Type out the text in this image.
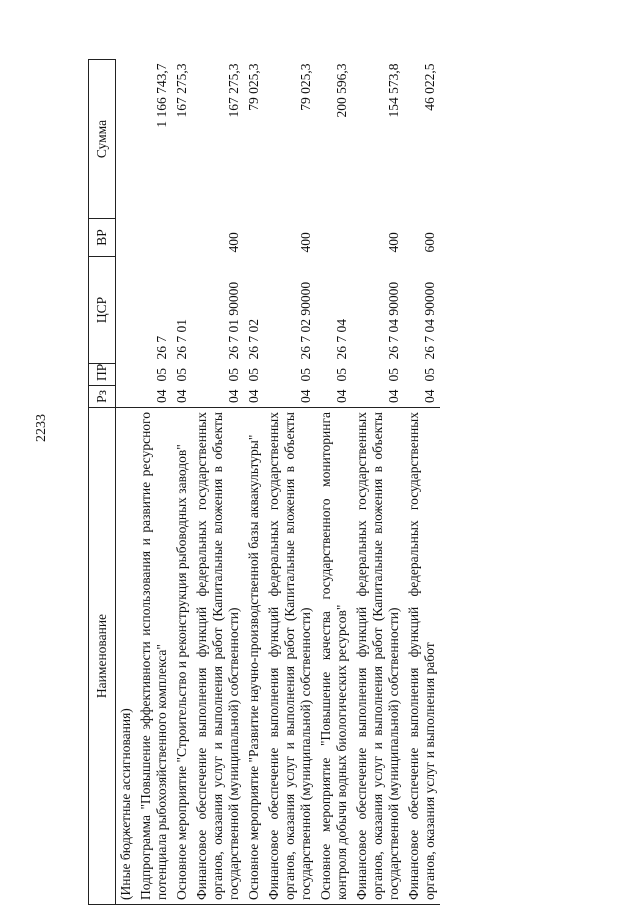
2233
Наименование	Рз	ПР	ЦСР	ВР	Сумма
(Иные бюджетные ассигнования)					
Подпрограмма "Повышение эффективности использования и развитие ресурсного потенциала рыбохозяйственного комплекса"	04	05	26 7		1 166 743,7
Основное мероприятие "Строительство и реконструкция рыбоводных заводов"	04	05	26 7 01		167 275,3
Финансовое обеспечение выполнения функций федеральных государственных органов, оказания услуг и выполнения работ (Капитальные вложения в объекты государственной (муниципальной) собственности)	04	05	26 7 01 90000	400	167 275,3
Основное мероприятие "Развитие научно-производственной базы аквакультуры"	04	05	26 7 02		79 025,3
Финансовое обеспечение выполнения функций федеральных государственных органов, оказания услуг и выполнения работ (Капитальные вложения в объекты государственной (муниципальной) собственности)	04	05	26 7 02 90000	400	79 025,3
Основное мероприятие "Повышение качества государственного мониторинга контроля добычи водных биологических ресурсов"	04	05	26 7 04		200 596,3
Финансовое обеспечение выполнения функций федеральных государственных органов, оказания услуг и выполнения работ (Капитальные вложения в объекты государственной (муниципальной) собственности)	04	05	26 7 04 90000	400	154 573,8
Финансовое обеспечение выполнения функций федеральных государственных органов, оказания услуг и выполнения работ	04	05	26 7 04 90000	600	46 022,5
